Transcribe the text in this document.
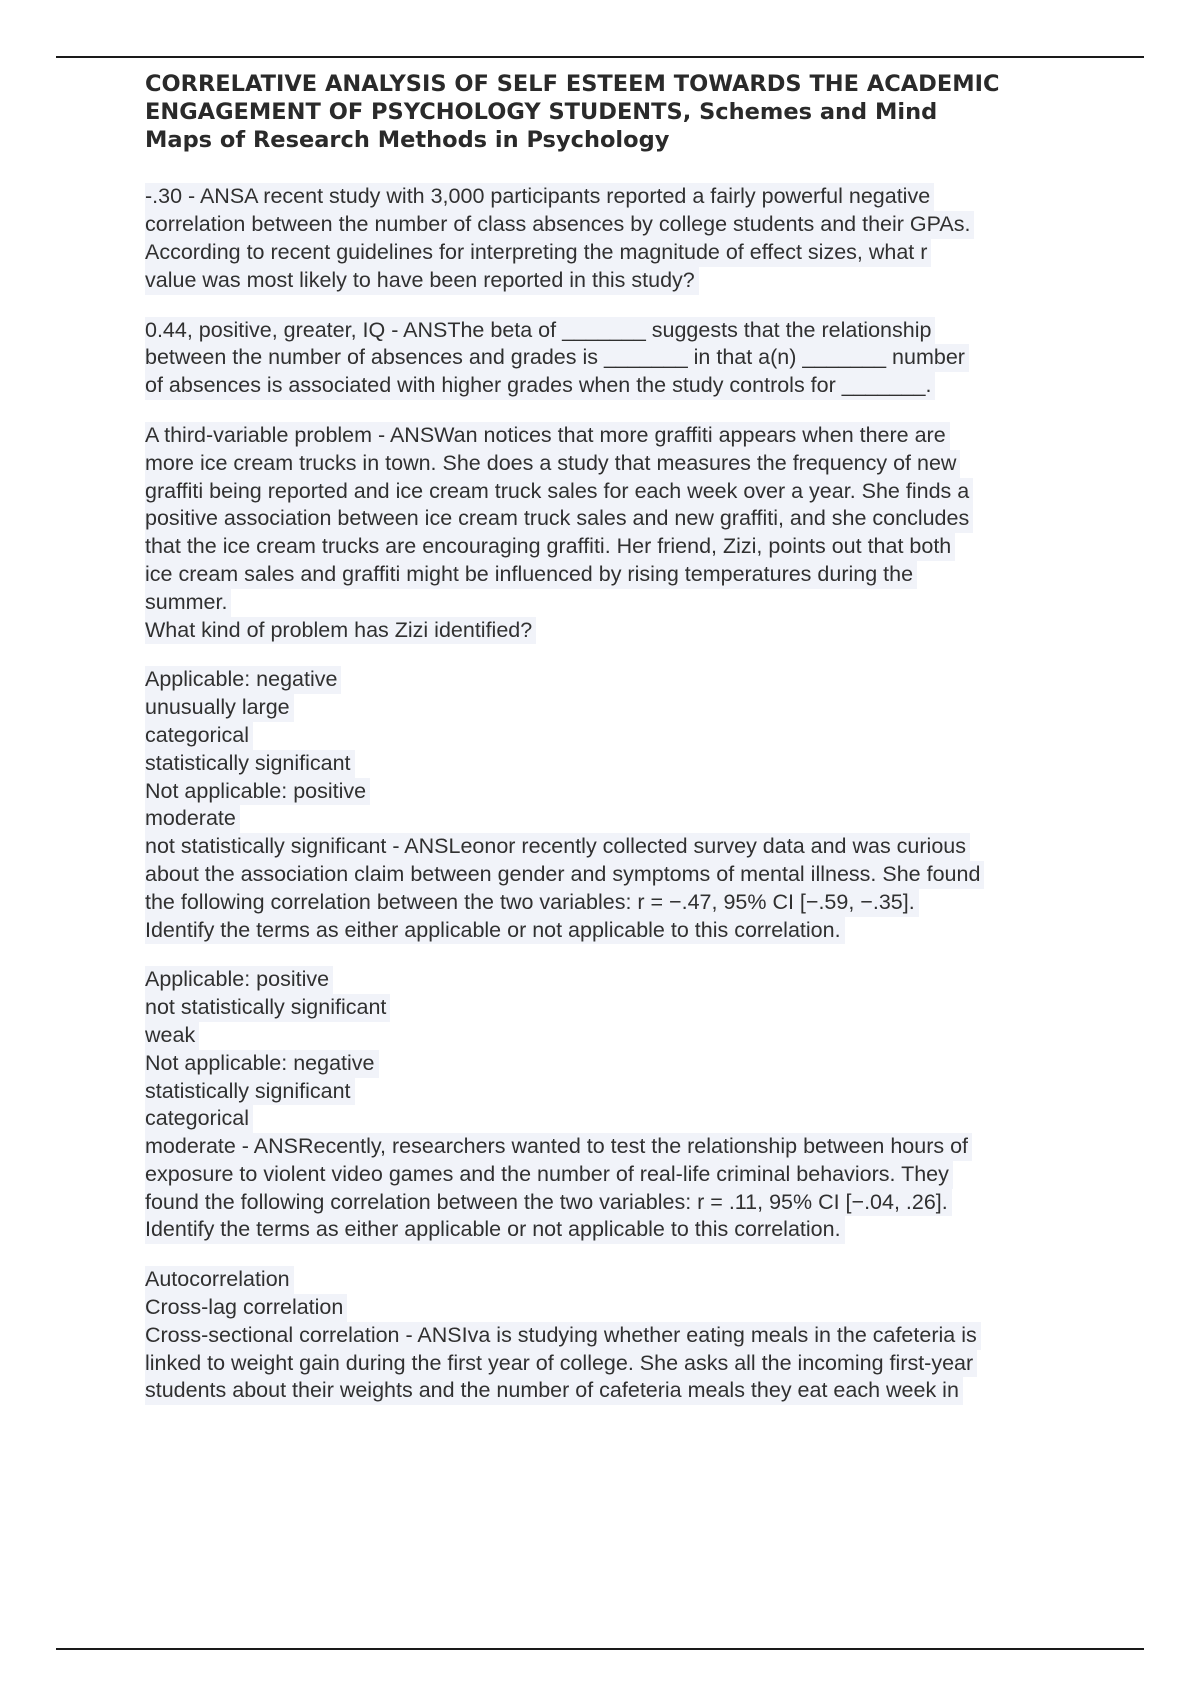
CORRELATIVE ANALYSIS OF SELF ESTEEM TOWARDS THE ACADEMIC
ENGAGEMENT OF PSYCHOLOGY STUDENTS, Schemes and Mind
Maps of Research Methods in Psychology
-.30 - ANSA recent study with 3,000 participants reported a fairly powerful negative
correlation between the number of class absences by college students and their GPAs.
According to recent guidelines for interpreting the magnitude of effect sizes, what r
value was most likely to have been reported in this study?
0.44, positive, greater, IQ - ANSThe beta of _______ suggests that the relationship
between the number of absences and grades is _______ in that a(n) _______ number
of absences is associated with higher grades when the study controls for _______.
A third-variable problem - ANSWan notices that more graffiti appears when there are
more ice cream trucks in town. She does a study that measures the frequency of new
graffiti being reported and ice cream truck sales for each week over a year. She finds a
positive association between ice cream truck sales and new graffiti, and she concludes
that the ice cream trucks are encouraging graffiti. Her friend, Zizi, points out that both
ice cream sales and graffiti might be influenced by rising temperatures during the
summer.
What kind of problem has Zizi identified?
Applicable: negative
unusually large
categorical
statistically significant
Not applicable: positive
moderate
not statistically significant - ANSLeonor recently collected survey data and was curious
about the association claim between gender and symptoms of mental illness. She found
the following correlation between the two variables: r = −.47, 95% CI [−.59, −.35].
Identify the terms as either applicable or not applicable to this correlation.
Applicable: positive
not statistically significant
weak
Not applicable: negative
statistically significant
categorical
moderate - ANSRecently, researchers wanted to test the relationship between hours of
exposure to violent video games and the number of real-life criminal behaviors. They
found the following correlation between the two variables: r = .11, 95% CI [−.04, .26].
Identify the terms as either applicable or not applicable to this correlation.
Autocorrelation
Cross-lag correlation
Cross-sectional correlation - ANSIva is studying whether eating meals in the cafeteria is
linked to weight gain during the first year of college. She asks all the incoming first-year
students about their weights and the number of cafeteria meals they eat each week in
